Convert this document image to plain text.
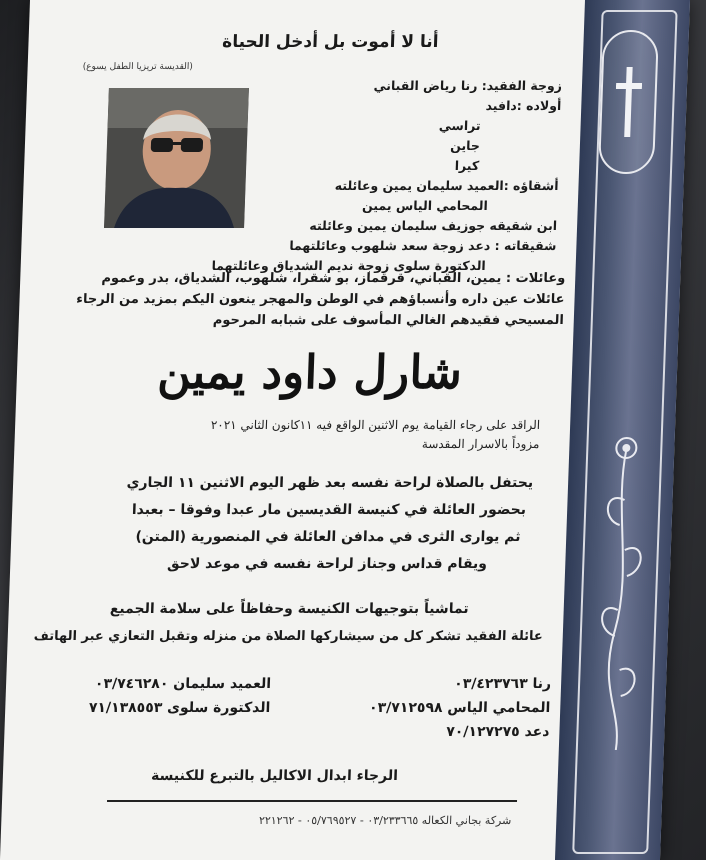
أنا لا أموت بل أدخل الحياة
(القديسة تريزيا الطفل يسوع)
زوجة الفقيد: رنا رياض القباني
أولاده :دافيد
تراسي
جاين
كيرا
أشقاؤه :العميد سليمان يمين وعائلته
المحامي الياس يمين
ابن شقيقه جوزيف سليمان يمين وعائلته
شقيقاته : دعد زوجة سعد شلهوب وعائلتهما
الدكتورة سلوى زوجة نديم الشدياق وعائلتهما
وعائلات : يمين، القباني، قرقماز، بو شقرا، شلهوب، الشدياق، بدر وعموم
عائلات عين داره وأنسباؤهم في الوطن والمهجر ينعون اليكم بمزيد من الرجاء
المسيحي فقيدهم الغالي المأسوف على شبابه المرحوم
شارل داود يمين
الراقد على رجاء القيامة يوم الاثنين الواقع فيه ١١كانون الثاني ٢٠٢١
مزوداً بالاسرار المقدسة
يحتفل بالصلاة لراحة نفسه بعد ظهر اليوم الاثنين ١١ الجاري
بحضور العائلة في كنيسة القديسين مار عبدا وفوقا – بعبدا
ثم يوارى الثرى في مدافن العائلة في المنصورية (المتن)
ويقام قداس وجناز لراحة نفسه في موعد لاحق
تماشياً بتوجيهات الكنيسة وحفاظاً على سلامة الجميع
عائلة الفقيد تشكر كل من سيشاركها الصلاة من منزله وتقبل التعازي عبر الهاتف
رنا ٠٣/٤٢٣٧٦٣
المحامي الياس ٠٣/٧١٢٥٩٨
دعد ٧٠/١٢٧٢٧٥
العميد سليمان ٠٣/٧٤٦٢٨٠
الدكتورة سلوى ٧١/١٣٨٥٥٣
الرجاء ابدال الاكاليل بالتبرع للكنيسة
شركة بجاني الكعاله ٠٣/٢٣٣٦٦٥ - ٠٥/٧٦٩٥٢٧ - ٢٢١٢٦٢
